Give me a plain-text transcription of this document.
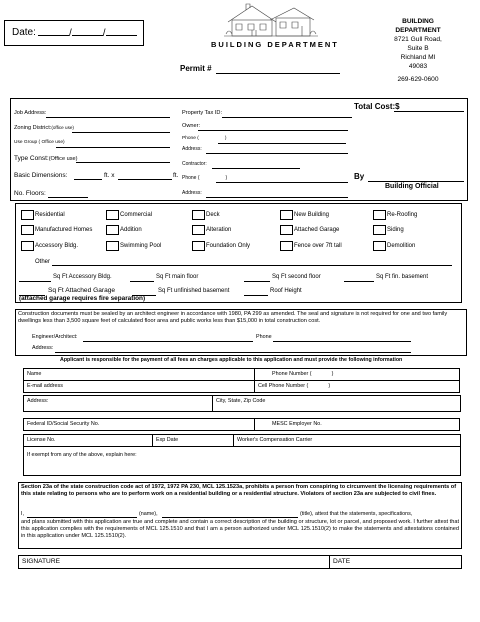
Date:	/	/
BUILDING DEPARTMENT
Permit #
BUILDING
DEPARTMENT
8721 Gull Road,
Suite B
Richland MI
49083
269-629-0600
Job Address:
Zoning District:(office use)
Use Group ( Office use)
Type Const:(Office use)
Basic Dimensions:	ft. x	ft.
No. Floors:
Property Tax ID:
Owner:
Phone (	)
Address:
Contractor:
Phone (	)
Address:
Total Cost:$
By
Building Official
Residential	Commercial	Deck	New Building	Re-Roofing
Manufactured Homes	Addition	Alteration	Attached Garage	Siding
Accessory Bldg.	Swimming Pool	Foundation Only	Fence over 7ft tall	Demolition
Other
Sq Ft Accessory Bldg.	Sq Ft main floor	Sq Ft second floor	Sq Ft fin. basement
Sq Ft Attached Garage	Sq Ft unfinished basement	Roof Height
(attached garage requires fire separation)
Construction documents must be sealed by an architect engineer in accordance with 1980, PA 299 as amended. The seal and signature is not required for one and two family dwellings less than 3,500 square feet of calculated floor area and public works less than $15,000 in total construction cost.
Engineer/Architect:	Phone
Address:
Applicant is responsible for the payment of all fees an charges applicable to this application and must provide the following information
Name	Phone Number (	)
E-mail address	Cell Phone Number (	)
Address:	City, State, Zip Code
Federal ID/Social Security No.	MESC Employer No.
License No.	Exp Date	Worker's Compensation Carrier
If exempt from any of the above, explain here:
Section 23a of the state construction code act of 1972, 1972 PA 230, MCL 125.1523a, prohibits a person from conspiring to circumvent the licensing requirements of this state relating to persons who are to perform work on a residential building or a residential structure. Violators of section 23a are subjected to civil fines.
I,	(name),	(title), attest that the statements, specifications,
and plans submitted with this application are true and complete and contain a correct description of the building or structure, lot or parcel, and proposed work. I further attest that this application complies with the requirements of MCL 125.1510 and that I am a person authorized under MCL 125.1510(2) to make the statements and attestations contained in this application under MCL 125.1510(2).
SIGNATURE	DATE
